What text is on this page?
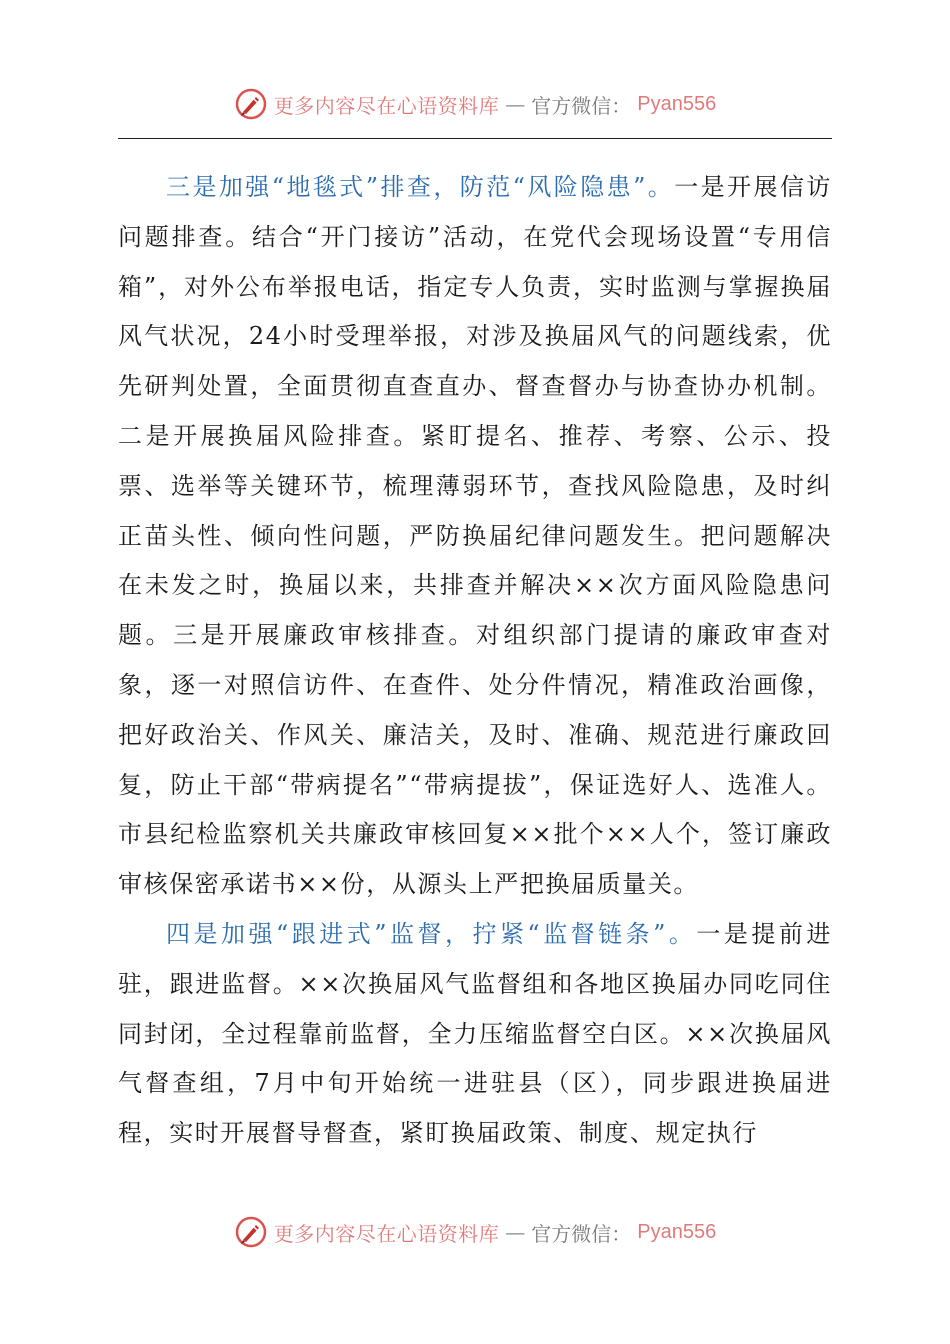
更多内容尽在心语资料库 — 官方微信： Pyan556

三是加强“地毯式”排查，防范“风险隐患”。一是开展信访问题排查。结合“开门接访”活动，在党代会现场设置“专用信箱”，对外公布举报电话，指定专人负责，实时监测与掌握换届风气状况，24小时受理举报，对涉及换届风气的问题线索，优先研判处置，全面贯彻直查直办、督查督办与协查协办机制。二是开展换届风险排查。紧盯提名、推荐、考察、公示、投票、选举等关键环节，梳理薄弱环节，查找风险隐患，及时纠正苗头性、倾向性问题，严防换届纪律问题发生。把问题解决在未发之时，换届以来，共排查并解决××次方面风险隐患问题。三是开展廉政审核排查。对组织部门提请的廉政审查对象，逐一对照信访件、在查件、处分件情况，精准政治画像，把好政治关、作风关、廉洁关，及时、准确、规范进行廉政回复，防止干部“带病提名”“带病提拔”，保证选好人、选准人。市县纪检监察机关共廉政审核回复××批个××人个，签订廉政审核保密承诺书××份，从源头上严把换届质量关。

四是加强“跟进式”监督，拧紧“监督链条”。一是提前进驻，跟进监督。××次换届风气监督组和各地区换届办同吃同住同封闭，全过程靠前监督，全力压缩监督空白区。××次换届风气督查组，7月中旬开始统一进驻县（区），同步跟进换届进程，实时开展督导督查，紧盯换届政策、制度、规定执行

更多内容尽在心语资料库 — 官方微信： Pyan556
